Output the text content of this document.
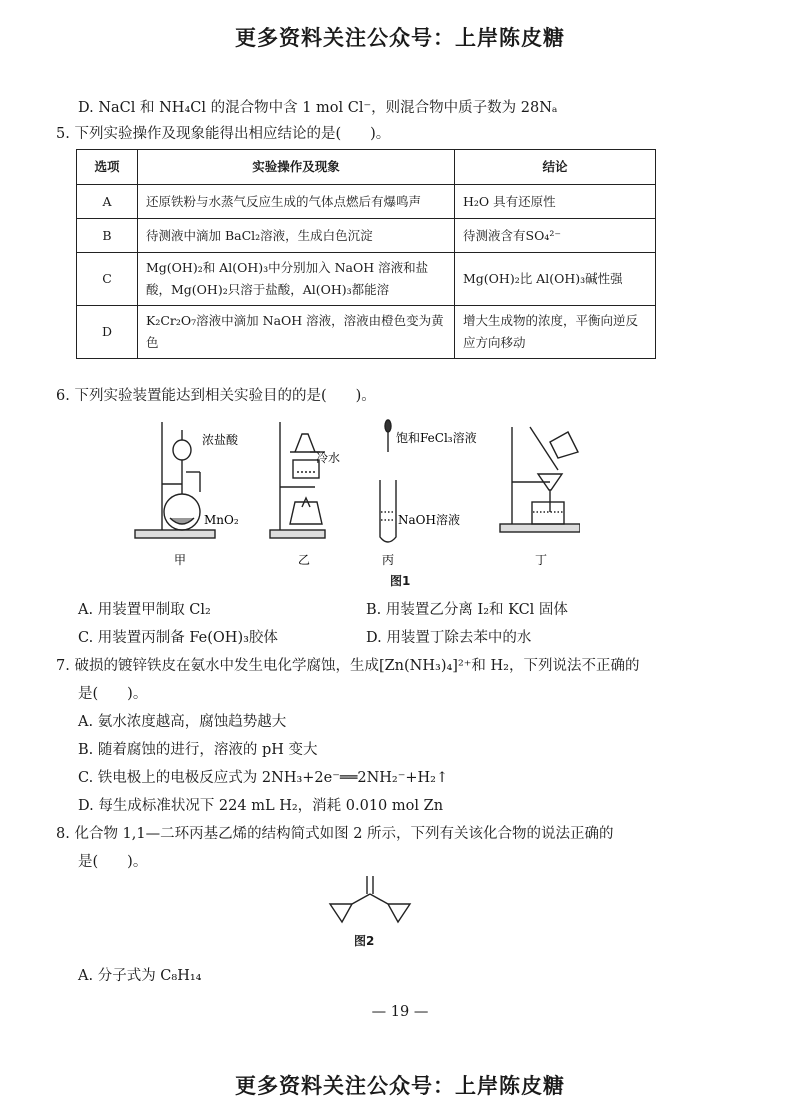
更多资料关注公众号：上岸陈皮糖
D. NaCl 和 NH₄Cl 的混合物中含 1 mol Cl⁻，则混合物中质子数为 28Nₐ
5. 下列实验操作及现象能得出相应结论的是(　　)。
选项	实验操作及现象	结论
A	还原铁粉与水蒸气反应生成的气体点燃后有爆鸣声	H₂O 具有还原性
B	待测液中滴加 BaCl₂溶液，生成白色沉淀	待测液含有SO₄²⁻
C	Mg(OH)₂和 Al(OH)₃中分别加入 NaOH 溶液和盐酸，Mg(OH)₂只溶于盐酸，Al(OH)₃都能溶	Mg(OH)₂比 Al(OH)₃碱性强
D	K₂Cr₂O₇溶液中滴加 NaOH 溶液，溶液由橙色变为黄色	增大生成物的浓度，平衡向逆反应方向移动
6. 下列实验装置能达到相关实验目的的是(　　)。
浓盐酸
MnO₂
冷水
饱和FeCl₃溶液
NaOH溶液
甲	乙	丙	丁
图1
A. 用装置甲制取 Cl₂	B. 用装置乙分离 I₂和 KCl 固体
C. 用装置丙制备 Fe(OH)₃胶体	D. 用装置丁除去苯中的水
7. 破损的镀锌铁皮在氨水中发生电化学腐蚀，生成[Zn(NH₃)₄]²⁺和 H₂，下列说法不正确的
是(　　)。
A. 氨水浓度越高，腐蚀趋势越大
B. 随着腐蚀的进行，溶液的 pH 变大
C. 铁电极上的电极反应式为 2NH₃+2e⁻══2NH₂⁻+H₂↑
D. 每生成标准状况下 224 mL H₂，消耗 0.010 mol Zn
8. 化合物 1,1—二环丙基乙烯的结构简式如图 2 所示，下列有关该化合物的说法正确的
是(　　)。
图2
A. 分子式为 C₈H₁₄
— 19 —
更多资料关注公众号：上岸陈皮糖
